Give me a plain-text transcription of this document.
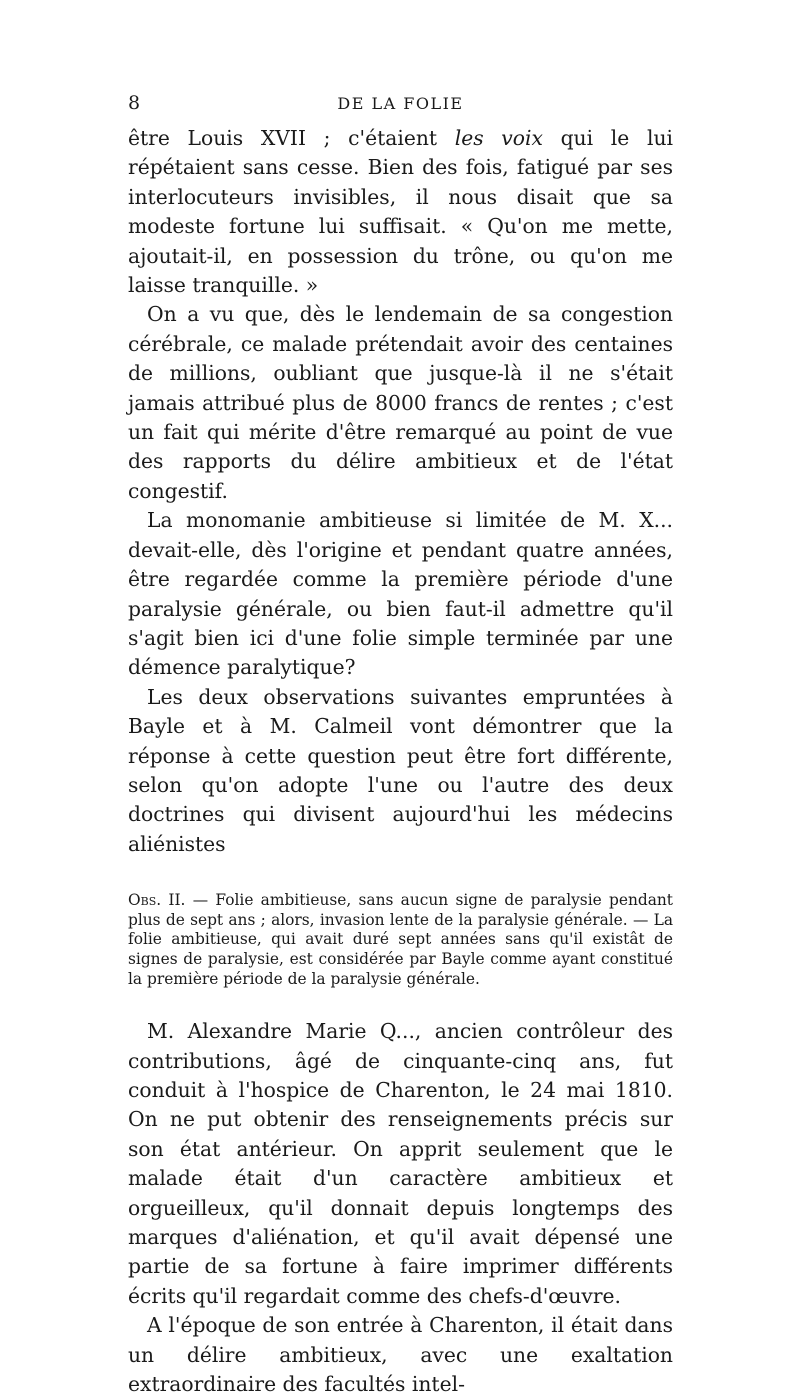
8	DE LA FOLIE

être Louis XVII ; c'étaient les voix qui le lui répétaient sans cesse. Bien des fois, fatigué par ses interlocuteurs invisibles, il nous disait que sa modeste fortune lui suffisait. « Qu'on me mette, ajoutait-il, en possession du trône, ou qu'on me laisse tranquille. »

On a vu que, dès le lendemain de sa congestion cérébrale, ce malade prétendait avoir des centaines de millions, oubliant que jusque-là il ne s'était jamais attribué plus de 8000 francs de rentes ; c'est un fait qui mérite d'être remarqué au point de vue des rapports du délire ambitieux et de l'état congestif.

La monomanie ambitieuse si limitée de M. X... devait-elle, dès l'origine et pendant quatre années, être regardée comme la première période d'une paralysie générale, ou bien faut-il admettre qu'il s'agit bien ici d'une folie simple terminée par une démence paralytique?

Les deux observations suivantes empruntées à Bayle et à M. Calmeil vont démontrer que la réponse à cette question peut être fort différente, selon qu'on adopte l'une ou l'autre des deux doctrines qui divisent aujourd'hui les médecins aliénistes

Obs. II. — Folie ambitieuse, sans aucun signe de paralysie pendant plus de sept ans ; alors, invasion lente de la paralysie générale. — La folie ambitieuse, qui avait duré sept années sans qu'il existât de signes de paralysie, est considérée par Bayle comme ayant constitué la première période de la paralysie générale.

M. Alexandre Marie Q..., ancien contrôleur des contributions, âgé de cinquante-cinq ans, fut conduit à l'hospice de Charenton, le 24 mai 1810. On ne put obtenir des renseignements précis sur son état antérieur. On apprit seulement que le malade était d'un caractère ambitieux et orgueilleux, qu'il donnait depuis longtemps des marques d'aliénation, et qu'il avait dépensé une partie de sa fortune à faire imprimer différents écrits qu'il regardait comme des chefs-d'œuvre.

A l'époque de son entrée à Charenton, il était dans un délire ambitieux, avec une exaltation extraordinaire des facultés intel-
